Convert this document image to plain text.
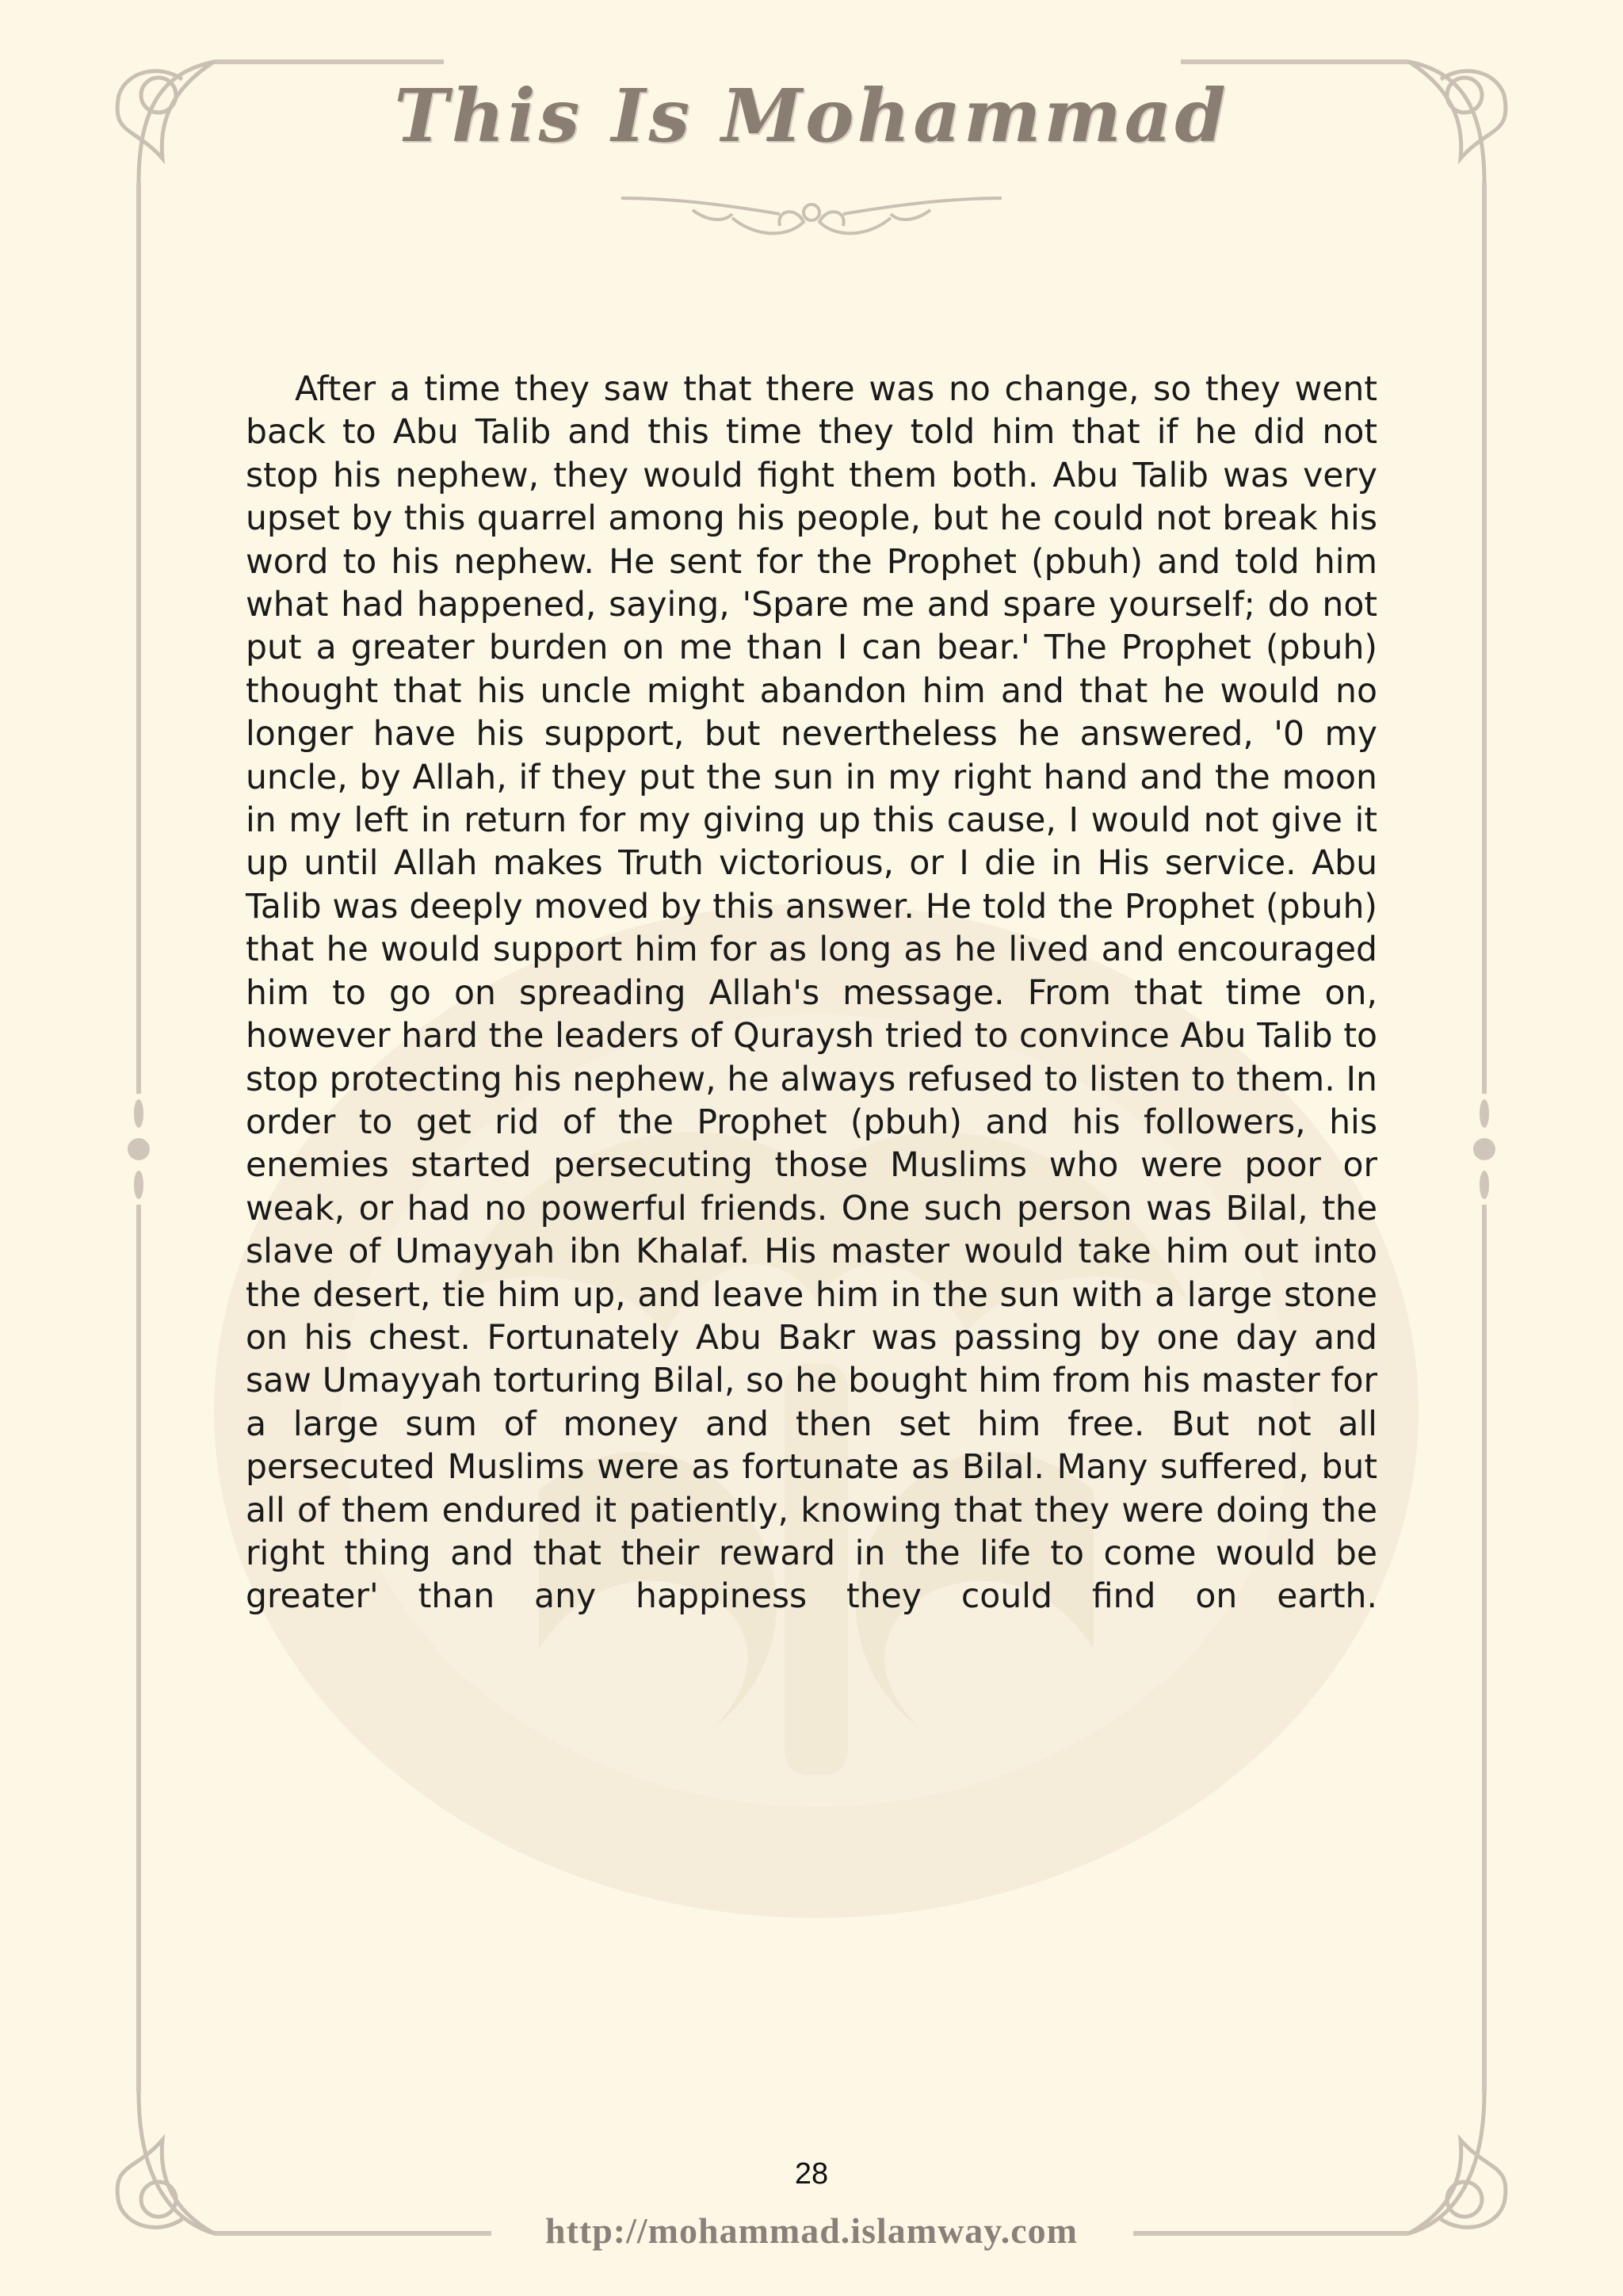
This Is Mohammad

After a time they saw that there was no change, so they went back to Abu Talib and this time they told him that if he did not stop his nephew, they would fight them both. Abu Talib was very upset by this quarrel among his people, but he could not break his word to his nephew. He sent for the Prophet (pbuh) and told him what had happened, saying, 'Spare me and spare yourself; do not put a greater burden on me than I can bear.' The Prophet (pbuh) thought that his uncle might abandon him and that he would no longer have his support, but nevertheless he answered, '0 my uncle, by Allah, if they put the sun in my right hand and the moon in my left in return for my giving up this cause, I would not give it up until Allah makes Truth victorious, or I die in His service. Abu Talib was deeply moved by this answer. He told the Prophet (pbuh) that he would support him for as long as he lived and encouraged him to go on spreading Allah's message. From that time on, however hard the leaders of Quraysh tried to convince Abu Talib to stop protecting his nephew, he always refused to listen to them. In order to get rid of the Prophet (pbuh) and his followers, his enemies started persecuting those Muslims who were poor or weak, or had no powerful friends. One such person was Bilal, the slave of Umayyah ibn Khalaf. His master would take him out into the desert, tie him up, and leave him in the sun with a large stone on his chest. Fortunately Abu Bakr was passing by one day and saw Umayyah torturing Bilal, so he bought him from his master for a large sum of money and then set him free. But not all persecuted Muslims were as fortunate as Bilal. Many suffered, but all of them endured it patiently, knowing that they were doing the right thing and that their reward in the life to come would be greater' than any happiness they could find on earth.

28
http://mohammad.islamway.com
